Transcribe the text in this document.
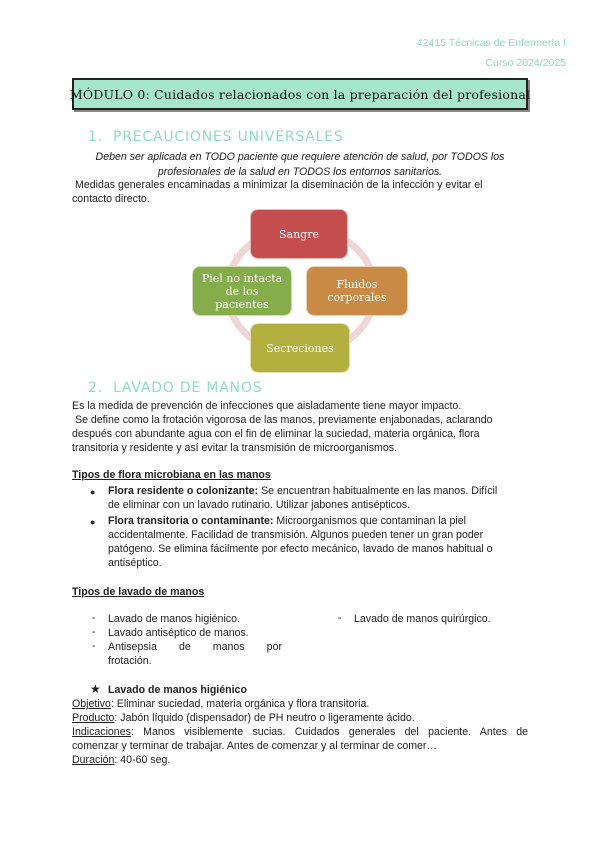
42415 Técnicas de Enfermería I
Curso 2024/2025
MÓDULO 0: Cuidados relacionados con la preparación del profesional
1. PRECAUCIONES UNIVERSALES
Deben ser aplicada en TODO paciente que requiere atención de salud, por TODOS los
profesionales de la salud en TODOS los entornos sanitarios.
Medidas generales encaminadas a minimizar la diseminación de la infección y evitar el
contacto directo.
Sangre
Fluidos corporales
Secreciones
Piel no intacta de los pacientes
2. LAVADO DE MANOS
Es la medida de prevención de infecciones que aisladamente tiene mayor impacto.
Se define como la frotación vigorosa de las manos, previamente enjabonadas, aclarando
después con abundante agua con el fin de eliminar la suciedad, materia orgánica, flora
transitoria y residente y así evitar la transmisión de microorganismos.
Tipos de flora microbiana en las manos
● Flora residente o colonizante: Se encuentran habitualmente en las manos. Difícil
de eliminar con un lavado rutinario. Utilizar jabones antisépticos.
● Flora transitoria o contaminante: Microorganismos que contaminan la piel
accidentalmente. Facilidad de transmisión. Algunos pueden tener un gran poder
patógeno. Se elimina fácilmente por efecto mecánico, lavado de manos habitual o
antiséptico.
Tipos de lavado de manos
- Lavado de manos higiénico.
- Lavado antiséptico de manos.
- Antisepsia de manos por
frotación.
- Lavado de manos quirúrgico.
★ Lavado de manos higiénico
Objetivo: Eliminar suciedad, materia orgánica y flora transitoria.
Producto: Jabón líquido (dispensador) de PH neutro o ligeramente ácido.
Indicaciones: Manos visiblemente sucias. Cuidados generales del paciente. Antes de
comenzar y terminar de trabajar. Antes de comenzar y al terminar de comer…
Duración: 40-60 seg.
